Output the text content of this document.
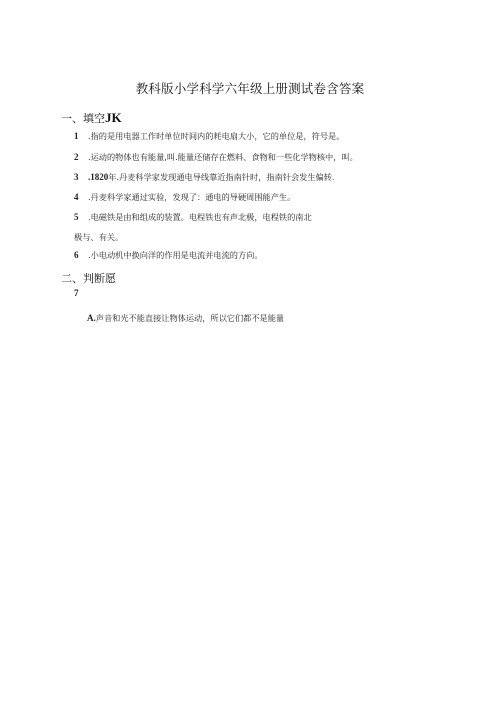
教科版小学科学六年级上册测试卷含答案
一、填空JK
1 .指的是用电器工作时单位时间内的耗电扇大小，它的单位是，符号是。
2 .运动的物体也有能量,叫.能量还储存在燃料、食物和一些化学物核中，叫。
3 .1820年.丹麦科学家发现通电导线靠近指南针时，指南针会发生偏转.
4 .丹麦科学家通过实验，发现了：通电的导硬周围能产生。
5 .电磁铁是由和组成的装置。电程铁也有声北极，电程铁的南北
极与、有关。
6 .小电动机中换向洋的作用是电流并电流的方向。
二、判断愿
7
A.声音和光不能直接让物体运动，所以它们都不是能量
